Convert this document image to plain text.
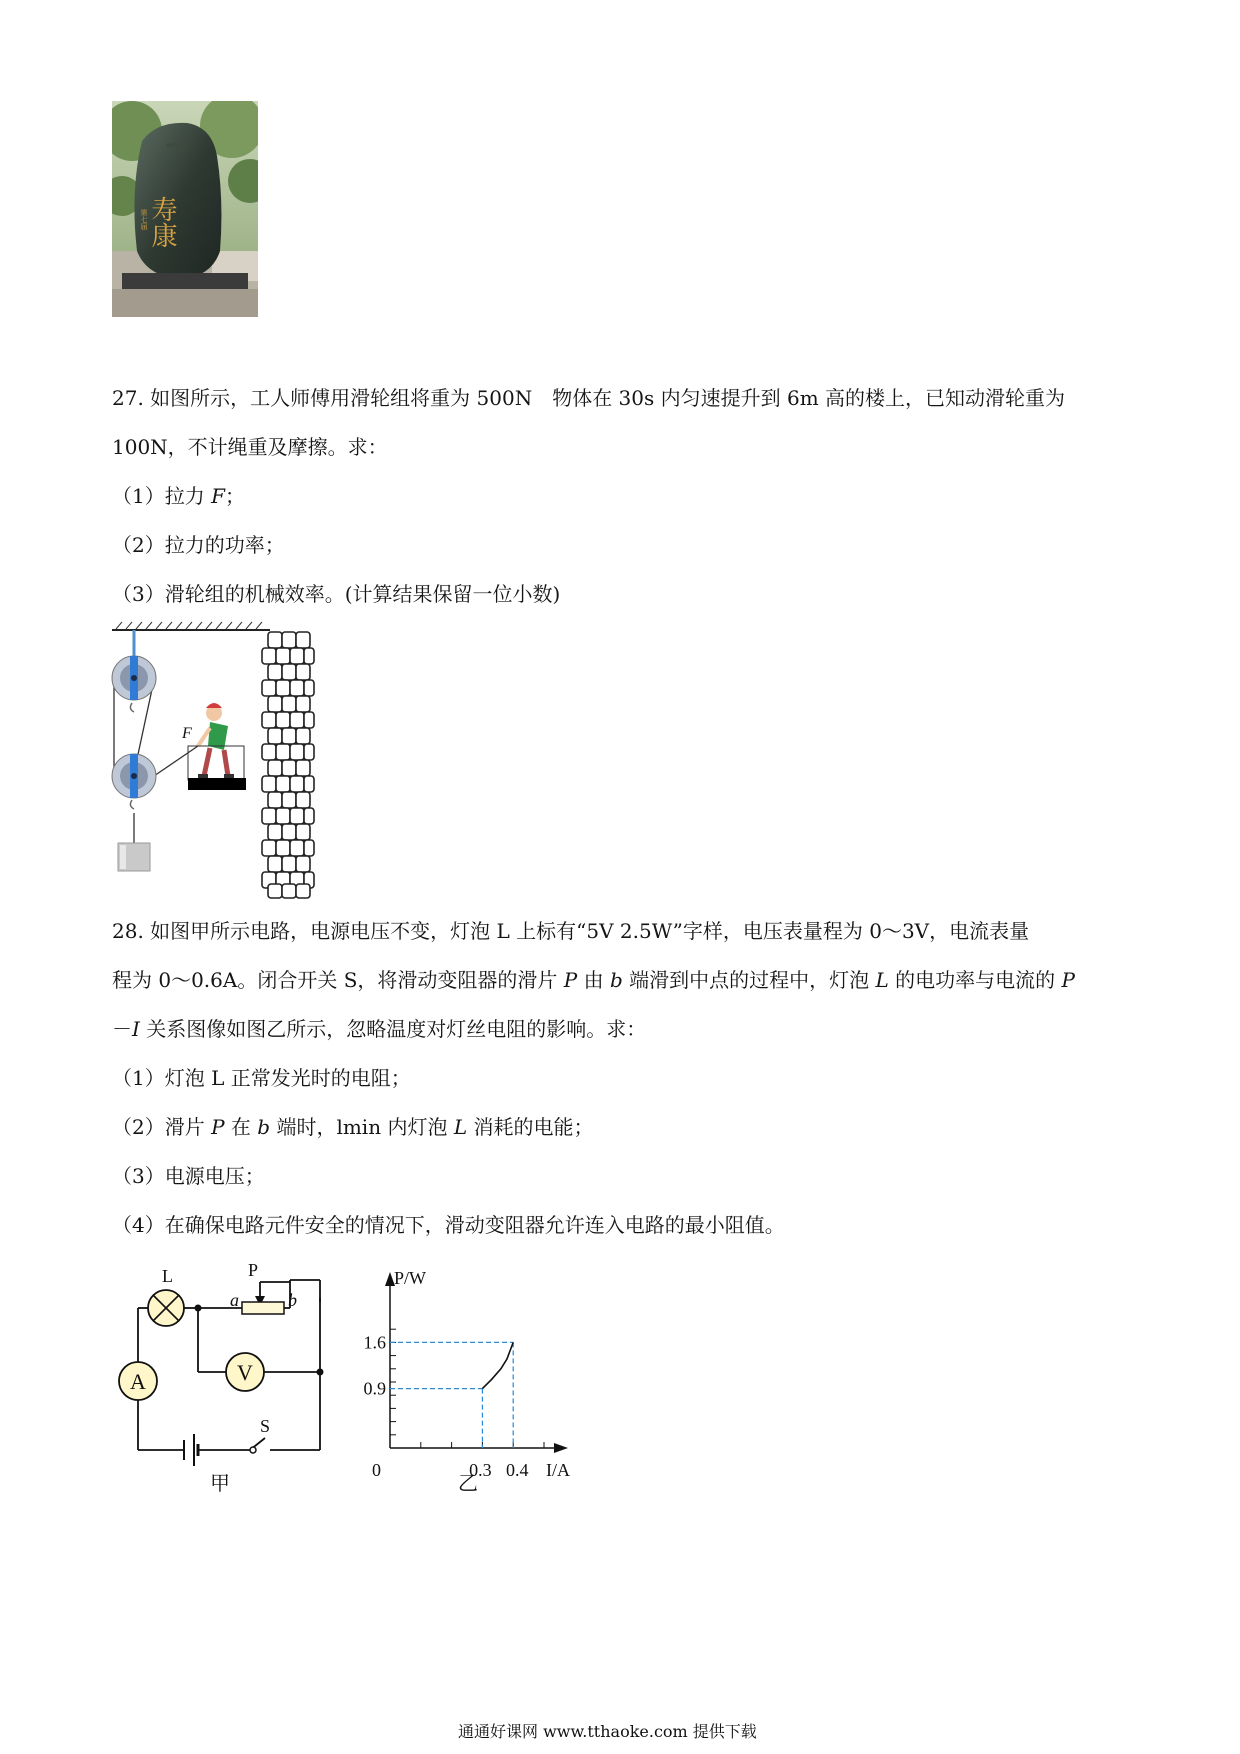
寿康
第七届
27. 如图所示，工人师傅用滑轮组将重为 500N　物体在 30s 内匀速提升到 6m 高的楼上，已知动滑轮重为
100N，不计绳重及摩擦。求：
（1）拉力 F；
（2）拉力的功率；
（3）滑轮组的机械效率。(计算结果保留一位小数)
F
28. 如图甲所示电路，电源电压不变，灯泡 L 上标有“5V 2.5W”字样，电压表量程为 0～3V，电流表量
程为 0～0.6A。闭合开关 S，将滑动变阻器的滑片 P 由 b 端滑到中点的过程中，灯泡 L 的电功率与电流的 P
－I 关系图像如图乙所示，忽略温度对灯丝电阻的影响。求：
（1）灯泡 L 正常发光时的电阻；
（2）滑片 P 在 b 端时，lmin 内灯泡 L 消耗的电能；
（3）电源电压；
（4）在确保电路元件安全的情况下，滑动变阻器允许连入电路的最小阻值。
A	V
L	P
a	b
S
甲
P/W
I/A
0	0.3 0.4
1.6
0.9
乙
通通好课网 www.tthaoke.com 提供下载
